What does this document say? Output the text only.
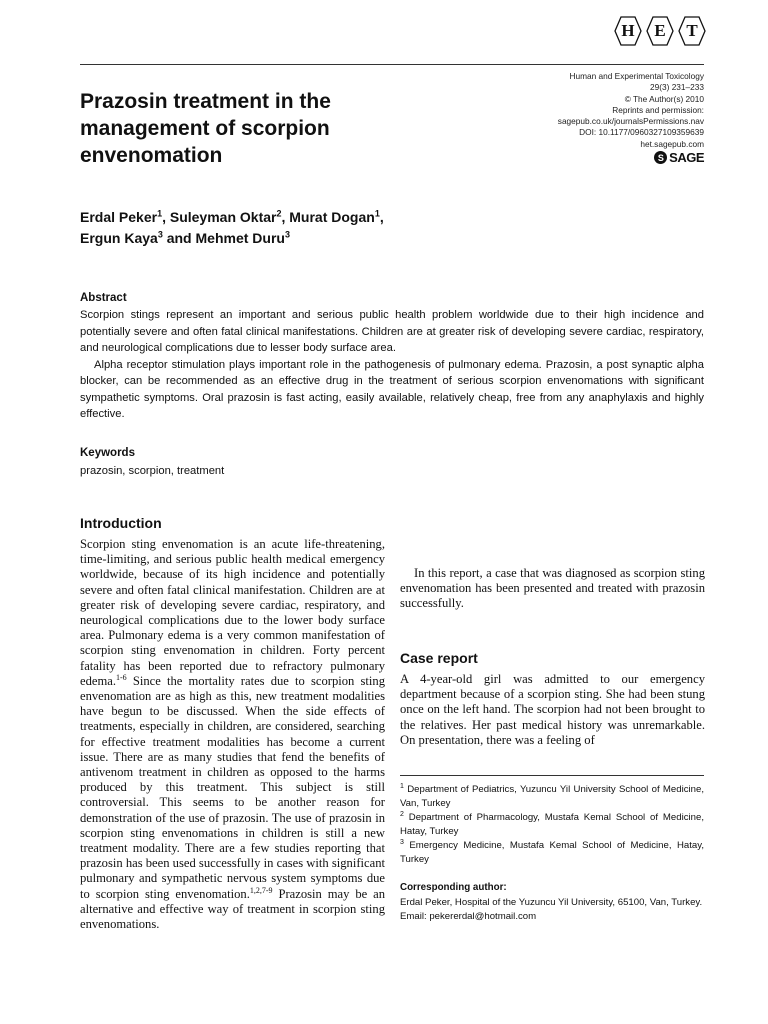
H E T
Prazosin treatment in the management of scorpion envenomation
Human and Experimental Toxicology
29(3) 231–233
© The Author(s) 2010
Reprints and permission:
sagepub.co.uk/journalsPermissions.nav
DOI: 10.1177/0960327109359639
het.sagepub.com
S SAGE
Erdal Peker$^1$, Suleyman Oktar$^2$, Murat Dogan$^1$,
Ergun Kaya$^3$ and Mehmet Duru$^3$
Abstract

Scorpion stings represent an important and serious public health problem worldwide due to their high incidence and potentially severe and often fatal clinical manifestations. Children are at greater risk of developing severe cardiac, respiratory, and neurological complications due to lesser body surface area.

Alpha receptor stimulation plays important role in the pathogenesis of pulmonary edema. Prazosin, a post synaptic alpha blocker, can be recommended as an effective drug in the treatment of serious scorpion envenomations with significant sympathetic symptoms. Oral prazosin is fast acting, easily available, relatively cheap, free from any anaphylaxis and highly effective.

Keywords
prazosin, scorpion, treatment
Introduction

Scorpion sting envenomation is an acute life-threatening, time-limiting, and serious public health medical emergency worldwide, because of its high incidence and potentially severe and often fatal clinical manifestation. Children are at greater risk of developing severe cardiac, respiratory, and neurological complications due to the lower body surface area. Pulmonary edema is a very common manifestation of scorpion sting envenomation in children. Forty percent fatality has been reported due to refractory pulmonary edema.$^{1-6}$ Since the mortality rates due to scorpion sting envenomation are as high as this, new treatment modalities have begun to be discussed. When the side effects of treatments, especially in children, are considered, searching for effective treatment modalities has become a current issue. There are as many studies that fend the benefits of antivenom treatment in children as opposed to the harms produced by this treatment. This subject is still controversial. This seems to be another reason for demonstration of the use of prazosin. The use of prazosin in scorpion sting envenomations in children is still a new treatment modality. There are a few studies reporting that prazosin has been used successfully in cases with significant pulmonary and sympathetic nervous system symptoms due to scorpion sting envenomation.$^{1,2,7-9}$ Prazosin may be an alternative and effective way of treatment in scorpion sting envenomations.

In this report, a case that was diagnosed as scorpion sting envenomation has been presented and treated with prazosin successfully.

Case report

A 4-year-old girl was admitted to our emergency department because of a scorpion sting. She had been stung once on the left hand. The scorpion had not been brought to the relatives. Her past medical history was unremarkable. On presentation, there was a feeling of

$^1$ Department of Pediatrics, Yuzuncu Yil University School of Medicine, Van, Turkey
$^2$ Department of Pharmacology, Mustafa Kemal School of Medicine, Hatay, Turkey
$^3$ Emergency Medicine, Mustafa Kemal School of Medicine, Hatay, Turkey
Corresponding author:
Erdal Peker, Hospital of the Yuzuncu Yil University, 65100, Van, Turkey.
Email: pekererdal@hotmail.com
